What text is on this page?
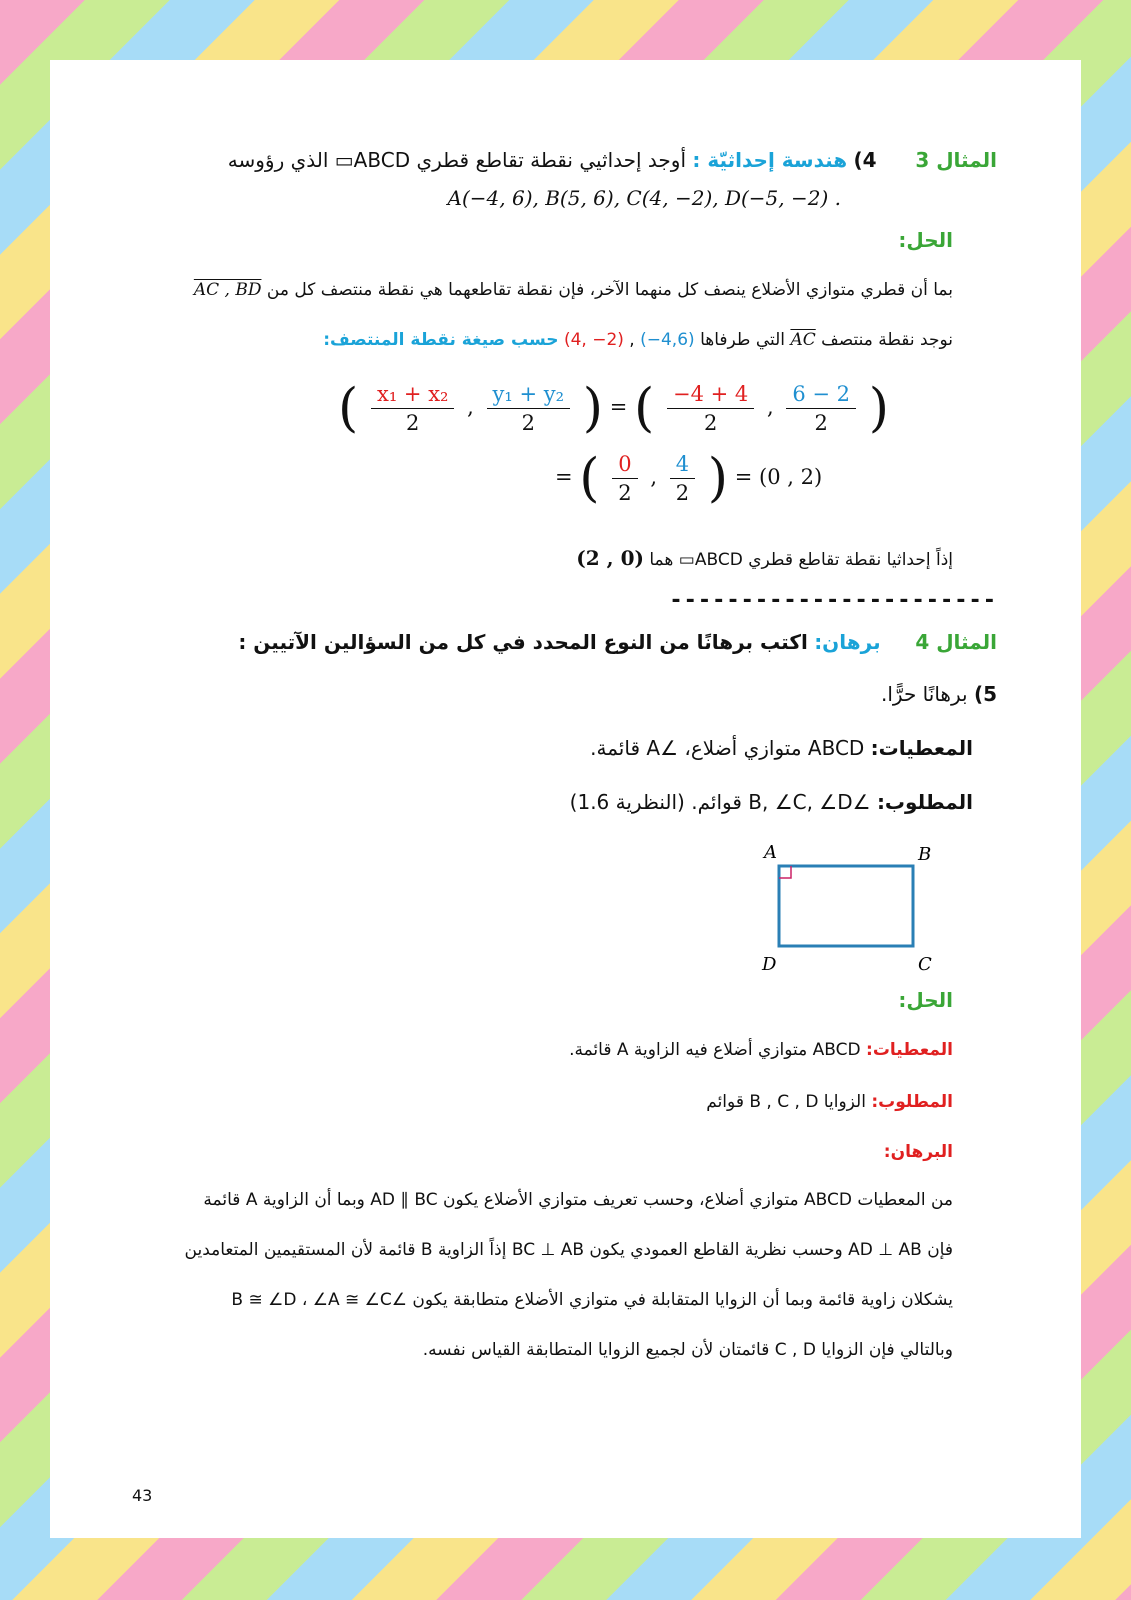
المثال 3  4) هندسة إحداثيّة : أوجد إحداثيي نقطة تقاطع قطري ABCD▭ الذي رؤوسه
. A(−4, 6), B(5, 6), C(4, −2), D(−5, −2)
الحل:
بما أن قطري متوازي الأضلاع ينصف كل منهما الآخر، فإن نقطة تقاطعهما هي نقطة منتصف كل من AC , BD
نوجد نقطة منتصف AC التي طرفاها (4, −2) , (−4,6) حسب صيغة نقطة المنتصف:
( $\frac{\text{x₁ + x₂}}{2}$ , $\frac{\text{y₁ + y₂}}{2}$ ) = ( $\frac{-4 + 4}{2}$ , $\frac{6 - 2}{2}$ )
= ( $\frac{0}{2}$ , $\frac{4}{2}$ ) = (0 , 2)
إذاً إحداثيا نقطة تقاطع قطري ABCD▭ هما (0 , 2)
-----------------------
المثال 4  برهان: اكتب برهانًا من النوع المحدد في كل من السؤالين الآتيين :
5) برهانًا حرًّا.
المعطيات: ABCD متوازي أضلاع، ∠A قائمة.
المطلوب: ∠B, ∠C, ∠D قوائم. (النظرية 1.6)
A	B
C
D
الحل:
المعطيات: ABCD متوازي أضلاع فيه الزاوية A قائمة.
المطلوب: الزوايا B , C , D قوائم
البرهان:
من المعطيات ABCD متوازي أضلاع، وحسب تعريف متوازي الأضلاع يكون AD ∥ BC وبما أن الزاوية A قائمة
فإن AD ⊥ AB وحسب نظرية القاطع العمودي يكون BC ⊥ AB إذاً الزاوية B قائمة لأن المستقيمين المتعامدين
يشكلان زاوية قائمة وبما أن الزوايا المتقابلة في متوازي الأضلاع متطابقة يكون ∠B ≅ ∠D ، ∠A ≅ ∠C
وبالتالي فإن الزوايا C , D قائمتان لأن لجميع الزوايا المتطابقة القياس نفسه.
43
